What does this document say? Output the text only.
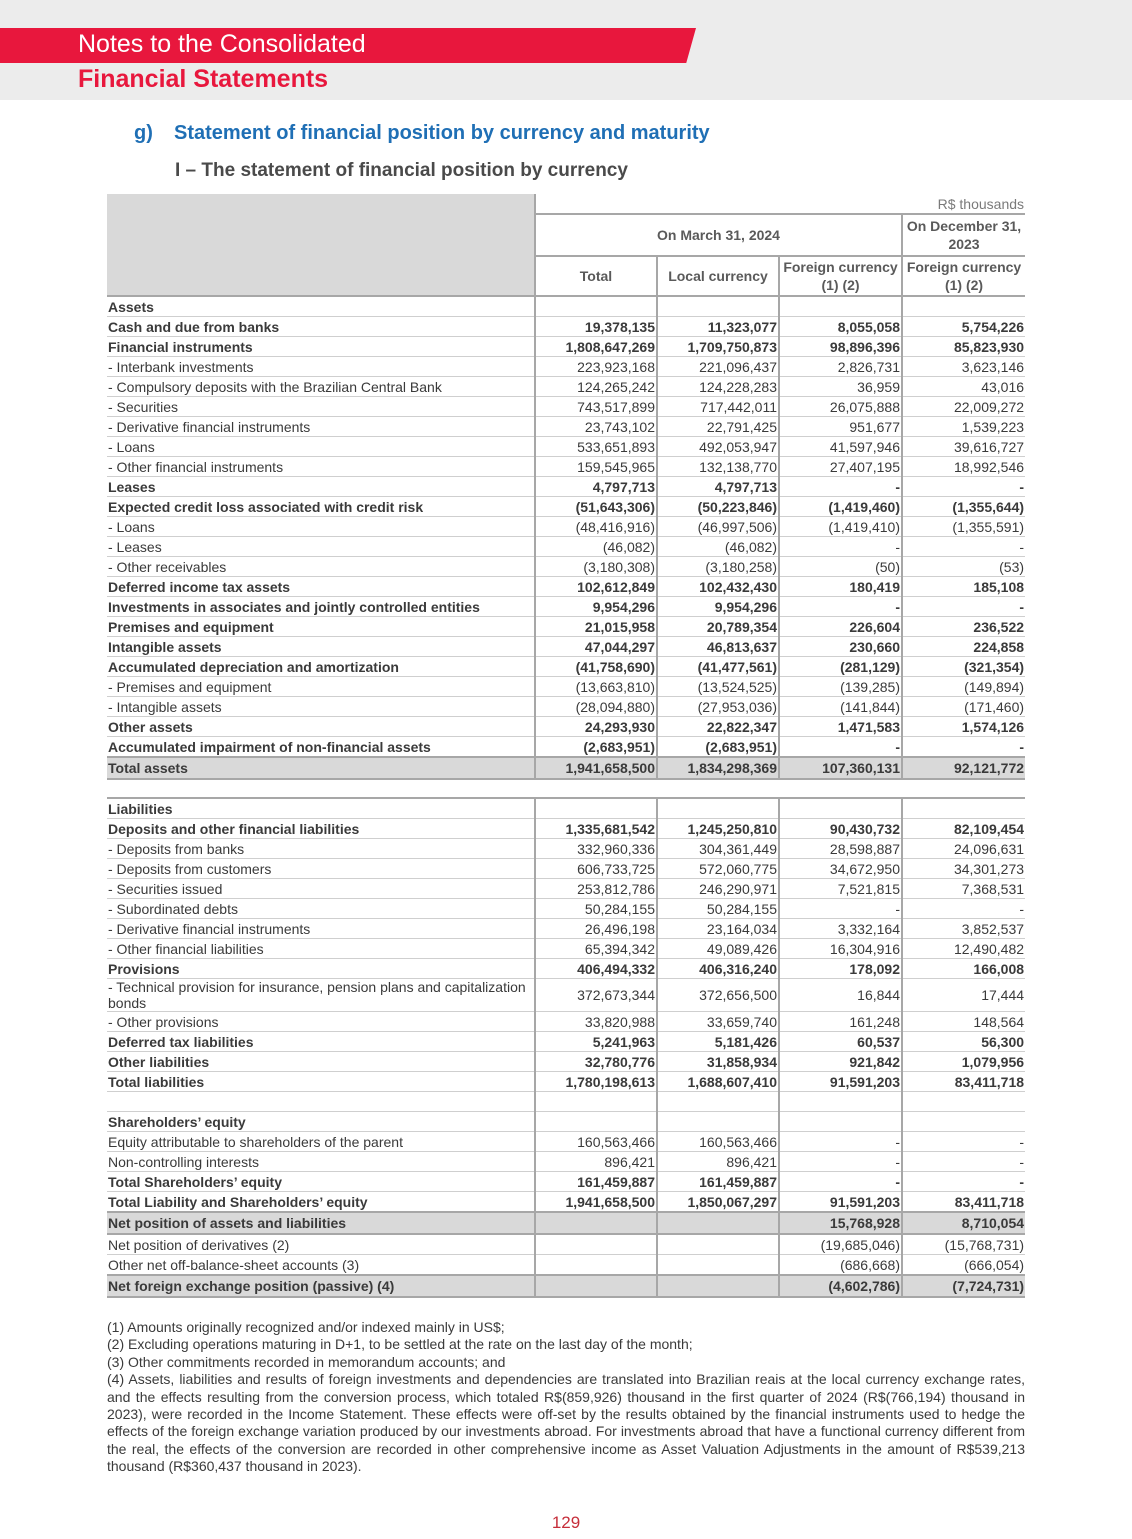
Notes to the Consolidated
Financial Statements
g) Statement of financial position by currency and maturity
I – The statement of financial position by currency
	R$ thousands			
	On March 31, 2024			On December 31, 2023
	Total	Local currency	Foreign currency (1) (2)	Foreign currency (1) (2)
Assets				
Cash and due from banks	19,378,135	11,323,077	8,055,058	5,754,226
Financial instruments	1,808,647,269	1,709,750,873	98,896,396	85,823,930
- Interbank investments	223,923,168	221,096,437	2,826,731	3,623,146
- Compulsory deposits with the Brazilian Central Bank	124,265,242	124,228,283	36,959	43,016
- Securities	743,517,899	717,442,011	26,075,888	22,009,272
- Derivative financial instruments	23,743,102	22,791,425	951,677	1,539,223
- Loans	533,651,893	492,053,947	41,597,946	39,616,727
- Other financial instruments	159,545,965	132,138,770	27,407,195	18,992,546
Leases	4,797,713	4,797,713	-	-
Expected credit loss associated with credit risk	(51,643,306)	(50,223,846)	(1,419,460)	(1,355,644)
- Loans	(48,416,916)	(46,997,506)	(1,419,410)	(1,355,591)
- Leases	(46,082)	(46,082)	-	-
- Other receivables	(3,180,308)	(3,180,258)	(50)	(53)
Deferred income tax assets	102,612,849	102,432,430	180,419	185,108
Investments in associates and jointly controlled entities	9,954,296	9,954,296	-	-
Premises and equipment	21,015,958	20,789,354	226,604	236,522
Intangible assets	47,044,297	46,813,637	230,660	224,858
Accumulated depreciation and amortization	(41,758,690)	(41,477,561)	(281,129)	(321,354)
- Premises and equipment	(13,663,810)	(13,524,525)	(139,285)	(149,894)
- Intangible assets	(28,094,880)	(27,953,036)	(141,844)	(171,460)
Other assets	24,293,930	22,822,347	1,471,583	1,574,126
Accumulated impairment of non-financial assets	(2,683,951)	(2,683,951)	-	-
Total assets	1,941,658,500	1,834,298,369	107,360,131	92,121,772

Liabilities				
Deposits and other financial liabilities	1,335,681,542	1,245,250,810	90,430,732	82,109,454
- Deposits from banks	332,960,336	304,361,449	28,598,887	24,096,631
- Deposits from customers	606,733,725	572,060,775	34,672,950	34,301,273
- Securities issued	253,812,786	246,290,971	7,521,815	7,368,531
- Subordinated debts	50,284,155	50,284,155	-	-
- Derivative financial instruments	26,496,198	23,164,034	3,332,164	3,852,537
- Other financial liabilities	65,394,342	49,089,426	16,304,916	12,490,482
Provisions	406,494,332	406,316,240	178,092	166,008
- Technical provision for insurance, pension plans and capitalization bonds	372,673,344	372,656,500	16,844	17,444
- Other provisions	33,820,988	33,659,740	161,248	148,564
Deferred tax liabilities	5,241,963	5,181,426	60,537	56,300
Other liabilities	32,780,776	31,858,934	921,842	1,079,956
Total liabilities	1,780,198,613	1,688,607,410	91,591,203	83,411,718

Shareholders’ equity				
Equity attributable to shareholders of the parent	160,563,466	160,563,466	-	-
Non-controlling interests	896,421	896,421	-	-
Total Shareholders’ equity	161,459,887	161,459,887	-	-
Total Liability and Shareholders’ equity	1,941,658,500	1,850,067,297	91,591,203	83,411,718
Net position of assets and liabilities			15,768,928	8,710,054
Net position of derivatives (2)			(19,685,046)	(15,768,731)
Other net off-balance-sheet accounts (3)			(686,668)	(666,054)
Net foreign exchange position (passive) (4)			(4,602,786)	(7,724,731)

(1) Amounts originally recognized and/or indexed mainly in US$;

(2) Excluding operations maturing in D+1, to be settled at the rate on the last day of the month;

(3) Other commitments recorded in memorandum accounts; and

(4) Assets, liabilities and results of foreign investments and dependencies are translated into Brazilian reais at the local currency exchange rates, and the effects resulting from the conversion process, which totaled R$(859,926) thousand in the first quarter of 2024 (R$(766,194) thousand in 2023), were recorded in the Income Statement. These effects were off-set by the results obtained by the financial instruments used to hedge the effects of the foreign exchange variation produced by our investments abroad. For investments abroad that have a functional currency different from the real, the effects of the conversion are recorded in other comprehensive income as Asset Valuation Adjustments in the amount of R$539,213 thousand (R$360,437 thousand in 2023).

129
